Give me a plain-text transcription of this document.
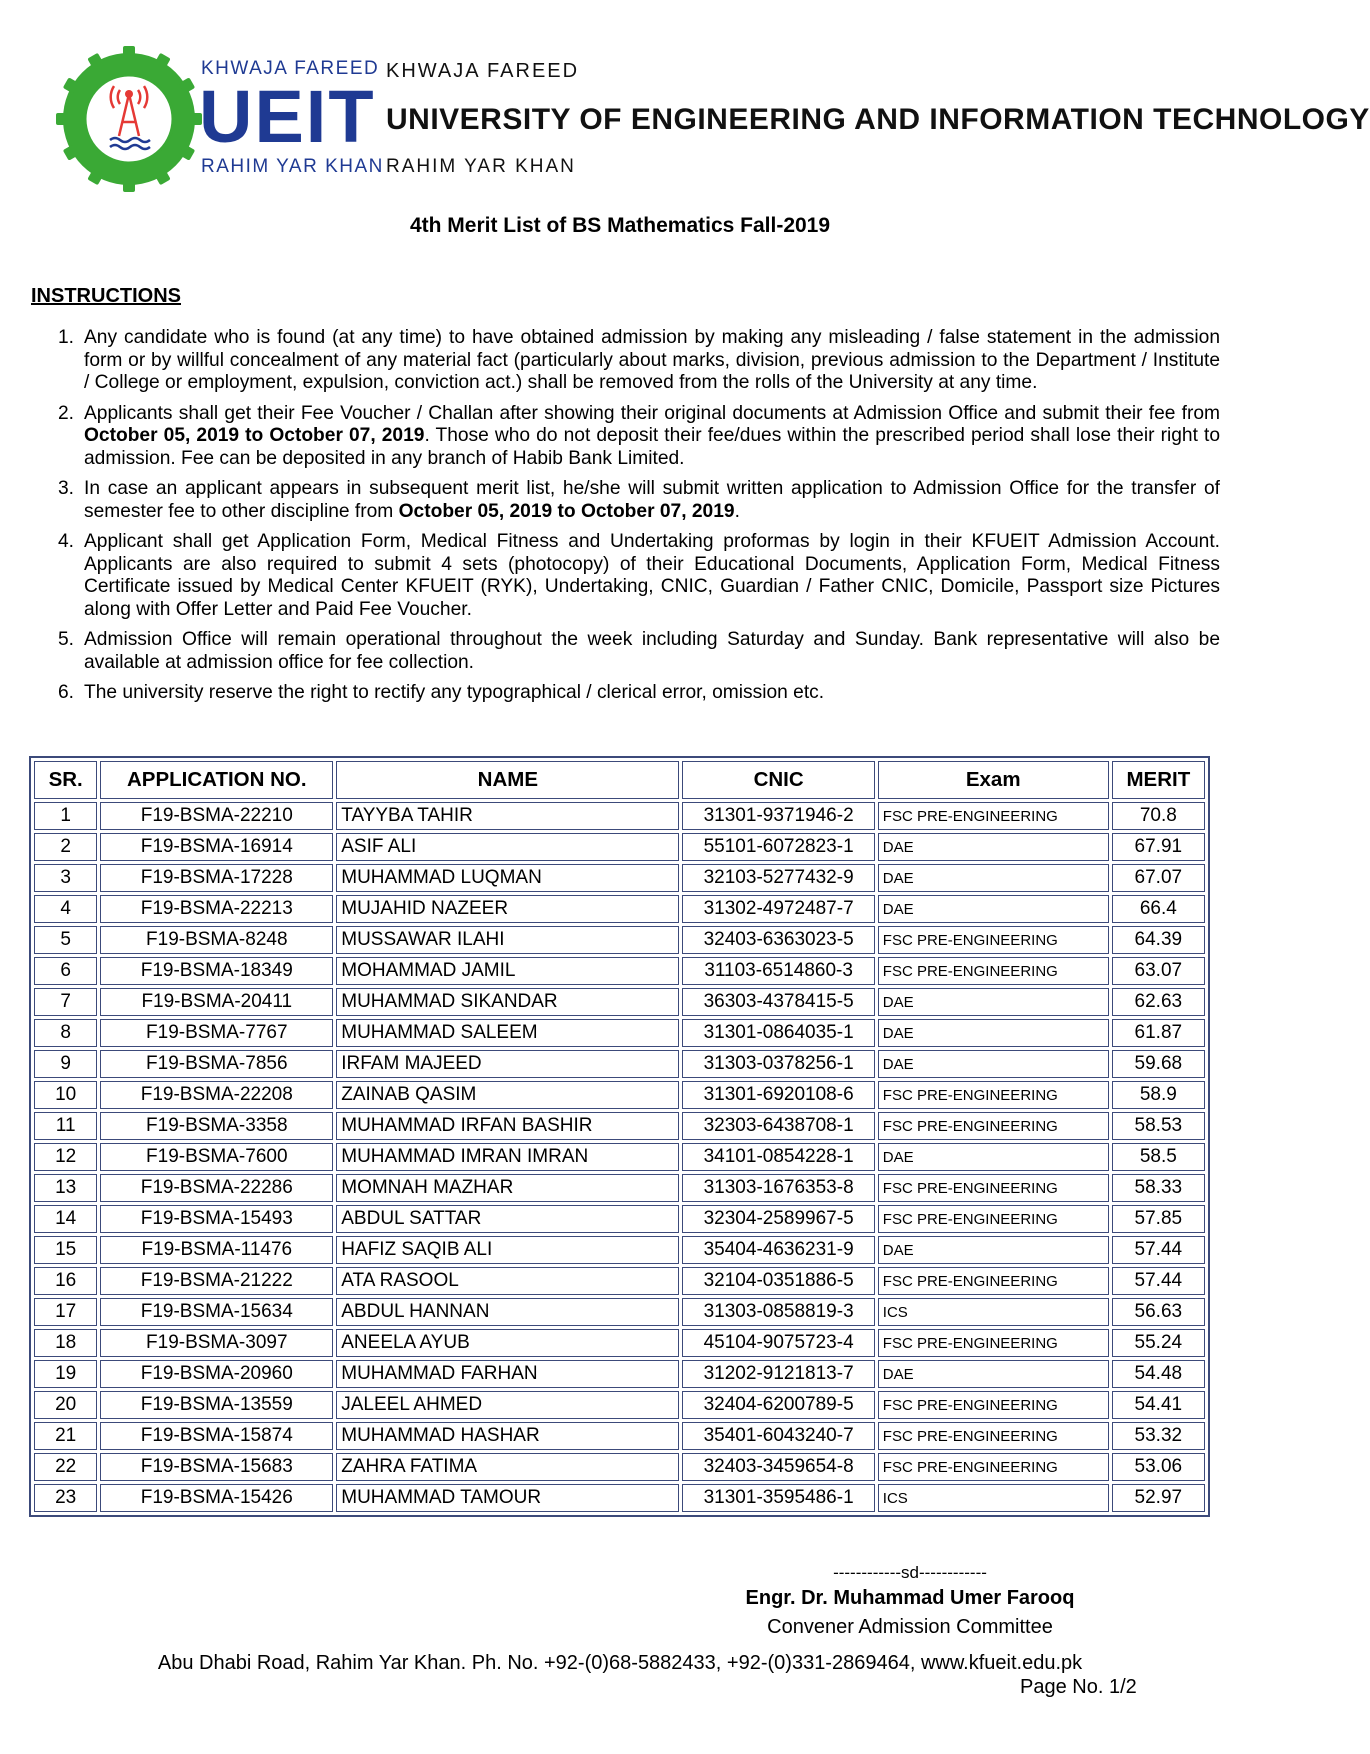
KHWAJA FAREED
UEIT
RAHIM YAR KHAN
KHWAJA FAREED
UNIVERSITY OF ENGINEERING AND INFORMATION TECHNOLOGY
RAHIM YAR KHAN
4th Merit List of BS Mathematics Fall-2019
INSTRUCTIONS
1. Any candidate who is found (at any time) to have obtained admission by making any misleading / false statement in the admission form or by willful concealment of any material fact (particularly about marks, division, previous admission to the Department / Institute / College or employment, expulsion, conviction act.) shall be removed from the rolls of the University at any time.
2. Applicants shall get their Fee Voucher / Challan after showing their original documents at Admission Office and submit their fee from October 05, 2019 to October 07, 2019. Those who do not deposit their fee/dues within the prescribed period shall lose their right to admission. Fee can be deposited in any branch of Habib Bank Limited.
3. In case an applicant appears in subsequent merit list, he/she will submit written application to Admission Office for the transfer of semester fee to other discipline from October 05, 2019 to October 07, 2019.
4. Applicant shall get Application Form, Medical Fitness and Undertaking proformas by login in their KFUEIT Admission Account. Applicants are also required to submit 4 sets (photocopy) of their Educational Documents, Application Form, Medical Fitness Certificate issued by Medical Center KFUEIT (RYK), Undertaking, CNIC, Guardian / Father CNIC, Domicile, Passport size Pictures along with Offer Letter and Paid Fee Voucher.
5. Admission Office will remain operational throughout the week including Saturday and Sunday. Bank representative will also be available at admission office for fee collection.
6. The university reserve the right to rectify any typographical / clerical error, omission etc.
SR.	APPLICATION NO.	NAME	CNIC	Exam	MERIT
1	F19-BSMA-22210	TAYYBA TAHIR	31301-9371946-2	FSC PRE-ENGINEERING	70.8
2	F19-BSMA-16914	ASIF ALI	55101-6072823-1	DAE	67.91
3	F19-BSMA-17228	MUHAMMAD LUQMAN	32103-5277432-9	DAE	67.07
4	F19-BSMA-22213	MUJAHID NAZEER	31302-4972487-7	DAE	66.4
5	F19-BSMA-8248	MUSSAWAR ILAHI	32403-6363023-5	FSC PRE-ENGINEERING	64.39
6	F19-BSMA-18349	MOHAMMAD JAMIL	31103-6514860-3	FSC PRE-ENGINEERING	63.07
7	F19-BSMA-20411	MUHAMMAD SIKANDAR	36303-4378415-5	DAE	62.63
8	F19-BSMA-7767	MUHAMMAD SALEEM	31301-0864035-1	DAE	61.87
9	F19-BSMA-7856	IRFAM MAJEED	31303-0378256-1	DAE	59.68
10	F19-BSMA-22208	ZAINAB QASIM	31301-6920108-6	FSC PRE-ENGINEERING	58.9
11	F19-BSMA-3358	MUHAMMAD IRFAN BASHIR	32303-6438708-1	FSC PRE-ENGINEERING	58.53
12	F19-BSMA-7600	MUHAMMAD IMRAN IMRAN	34101-0854228-1	DAE	58.5
13	F19-BSMA-22286	MOMNAH MAZHAR	31303-1676353-8	FSC PRE-ENGINEERING	58.33
14	F19-BSMA-15493	ABDUL SATTAR	32304-2589967-5	FSC PRE-ENGINEERING	57.85
15	F19-BSMA-11476	HAFIZ SAQIB ALI	35404-4636231-9	DAE	57.44
16	F19-BSMA-21222	ATA RASOOL	32104-0351886-5	FSC PRE-ENGINEERING	57.44
17	F19-BSMA-15634	ABDUL HANNAN	31303-0858819-3	ICS	56.63
18	F19-BSMA-3097	ANEELA AYUB	45104-9075723-4	FSC PRE-ENGINEERING	55.24
19	F19-BSMA-20960	MUHAMMAD FARHAN	31202-9121813-7	DAE	54.48
20	F19-BSMA-13559	JALEEL AHMED	32404-6200789-5	FSC PRE-ENGINEERING	54.41
21	F19-BSMA-15874	MUHAMMAD HASHAR	35401-6043240-7	FSC PRE-ENGINEERING	53.32
22	F19-BSMA-15683	ZAHRA FATIMA	32403-3459654-8	FSC PRE-ENGINEERING	53.06
23	F19-BSMA-15426	MUHAMMAD TAMOUR	31301-3595486-1	ICS	52.97
------------sd------------
Engr. Dr. Muhammad Umer Farooq
Convener Admission Committee
Abu Dhabi Road, Rahim Yar Khan. Ph. No. +92-(0)68-5882433, +92-(0)331-2869464, www.kfueit.edu.pk
Page No. 1/2
